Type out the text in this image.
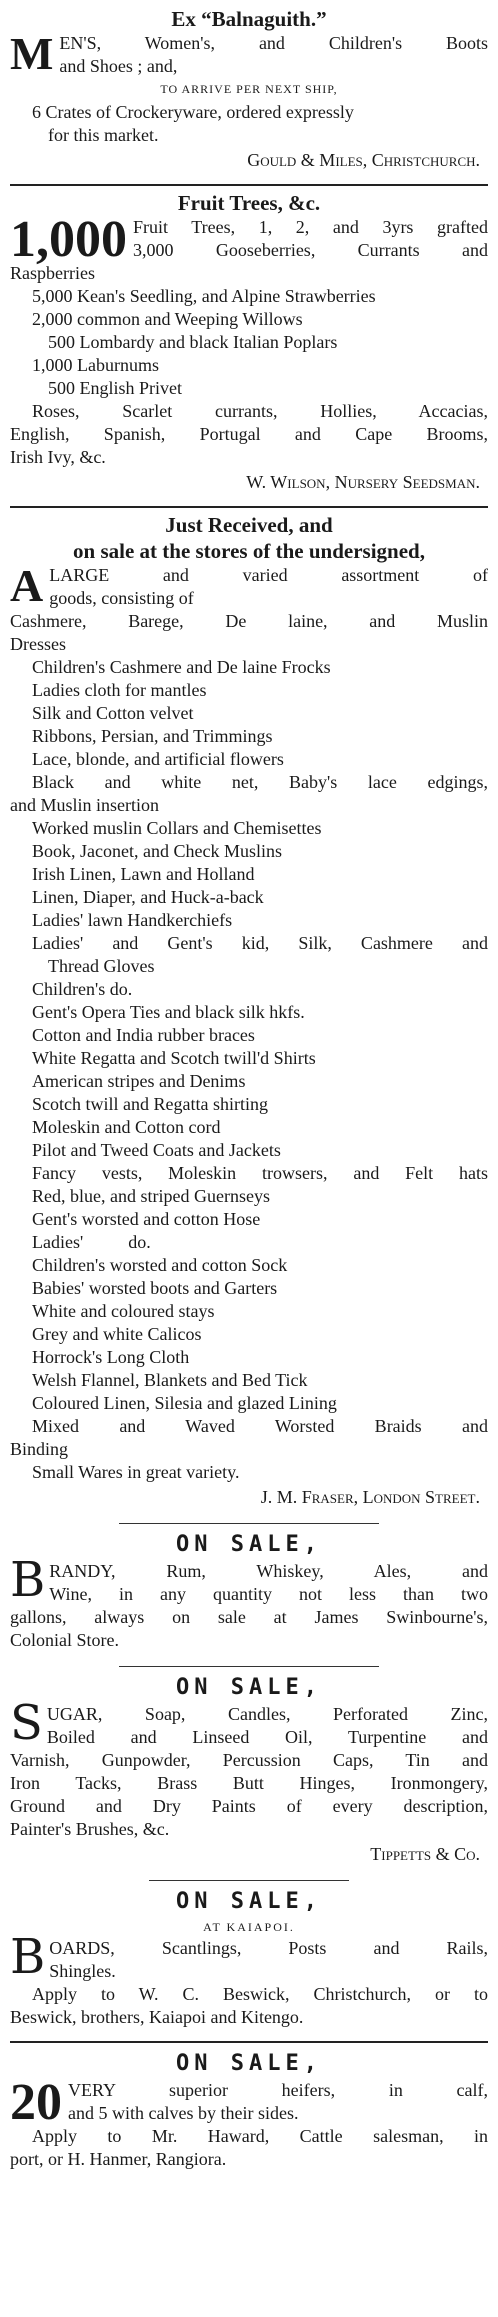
Ex “Balnaguith.”
M EN'S, Women's, and Children's Boots
and Shoes ; and,
TO ARRIVE PER NEXT SHIP,
6 Crates of Crockeryware, ordered expressly
for this market.
Gould & Miles, Christchurch.
Fruit Trees, &c.
1,000 Fruit Trees, 1, 2, and 3yrs grafted
3,000 Gooseberries, Currants and
Raspberries
5,000 Kean's Seedling, and Alpine Strawberries
2,000 common and Weeping Willows
500 Lombardy and black Italian Poplars
1,000 Laburnums
500 English Privet
Roses, Scarlet currants, Hollies, Accacias,
English, Spanish, Portugal and Cape Brooms,
Irish Ivy, &c.
W. Wilson, Nursery Seedsman.
Just Received, and
on sale at the stores of the undersigned,
A LARGE and varied assortment of
goods, consisting of
Cashmere, Barege, De laine, and Muslin
Dresses
Children's Cashmere and De laine Frocks
Ladies cloth for mantles
Silk and Cotton velvet
Ribbons, Persian, and Trimmings
Lace, blonde, and artificial flowers
Black and white net, Baby's lace edgings,
and Muslin insertion
Worked muslin Collars and Chemisettes
Book, Jaconet, and Check Muslins
Irish Linen, Lawn and Holland
Linen, Diaper, and Huck-a-back
Ladies' lawn Handkerchiefs
Ladies' and Gent's kid, Silk, Cashmere and
Thread Gloves
Children's do.
Gent's Opera Ties and black silk hkfs.
Cotton and India rubber braces
White Regatta and Scotch twill'd Shirts
American stripes and Denims
Scotch twill and Regatta shirting
Moleskin and Cotton cord
Pilot and Tweed Coats and Jackets
Fancy vests, Moleskin trowsers, and Felt hats
Red, blue, and striped Guernseys
Gent's worsted and cotton Hose
Ladies'          do.
Children's worsted and cotton Sock
Babies' worsted boots and Garters
White and coloured stays
Grey and white Calicos
Horrock's Long Cloth
Welsh Flannel, Blankets and Bed Tick
Coloured Linen, Silesia and glazed Lining
Mixed and Waved Worsted Braids and
Binding
Small Wares in great variety.
J. M. Fraser, London Street.
ON SALE,
B RANDY, Rum, Whiskey, Ales, and
Wine, in any quantity not less than two
gallons, always on sale at James Swinbourne's,
Colonial Store.
ON SALE,
S UGAR, Soap, Candles, Perforated Zinc,
Boiled and Linseed Oil, Turpentine and
Varnish, Gunpowder, Percussion Caps, Tin and
Iron Tacks, Brass Butt Hinges, Ironmongery,
Ground and Dry Paints of every description,
Painter's Brushes, &c.
Tippetts & Co.
ON SALE,
AT KAIAPOI.
B OARDS, Scantlings, Posts and Rails,
Shingles.
Apply to W. C. Beswick, Christchurch, or to
Beswick, brothers, Kaiapoi and Kitengo.
ON SALE,
20 VERY superior heifers, in calf,
and 5 with calves by their sides.
Apply to Mr. Haward, Cattle salesman, in
port, or H. Hanmer, Rangiora.
